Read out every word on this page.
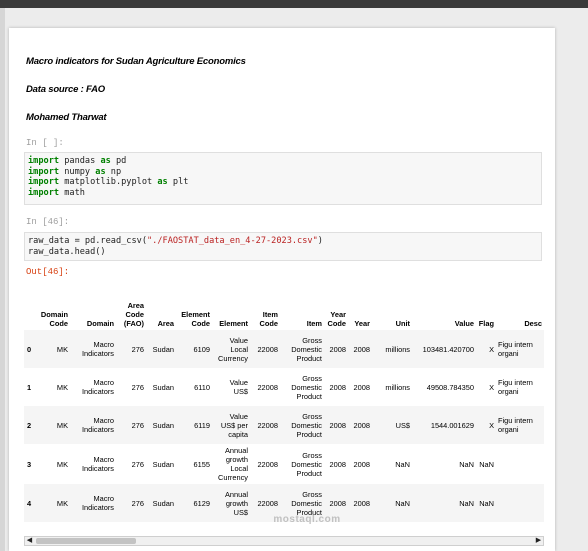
Macro indicators for Sudan Agriculture Economics
Data source : FAO
Mohamed Tharwat
In [ ]:
import pandas as pd
import numpy as np
import matplotlib.pyplot as plt
import math
In [46]:
raw_data = pd.read_csv("./FAOSTAT_data_en_4-27-2023.csv")
raw_data.head()
Out[46]:
	Domain Code	Domain	Area Code (FAO)	Area	Element Code	Element	Item Code	Item	Year Code	Year	Unit	Value	Flag	Desc
0	MK	Macro Indicators	276	Sudan	6109	Value Local Currency	22008	Gross Domestic Product	2008	2008	millions	103481.420700	X	Figu intern organi
1	MK	Macro Indicators	276	Sudan	6110	Value US$	22008	Gross Domestic Product	2008	2008	millions	49508.784350	X	Figu intern organi
2	MK	Macro Indicators	276	Sudan	6119	Value US$ per capita	22008	Gross Domestic Product	2008	2008	US$	1544.001629	X	Figu intern organi
3	MK	Macro Indicators	276	Sudan	6155	Annual growth Local Currency	22008	Gross Domestic Product	2008	2008	NaN	NaN	NaN	
4	MK	Macro Indicators	276	Sudan	6129	Annual growth US$	22008	Gross Domestic Product	2008	2008	NaN	NaN	NaN	
◀	▶
mostaql.com
